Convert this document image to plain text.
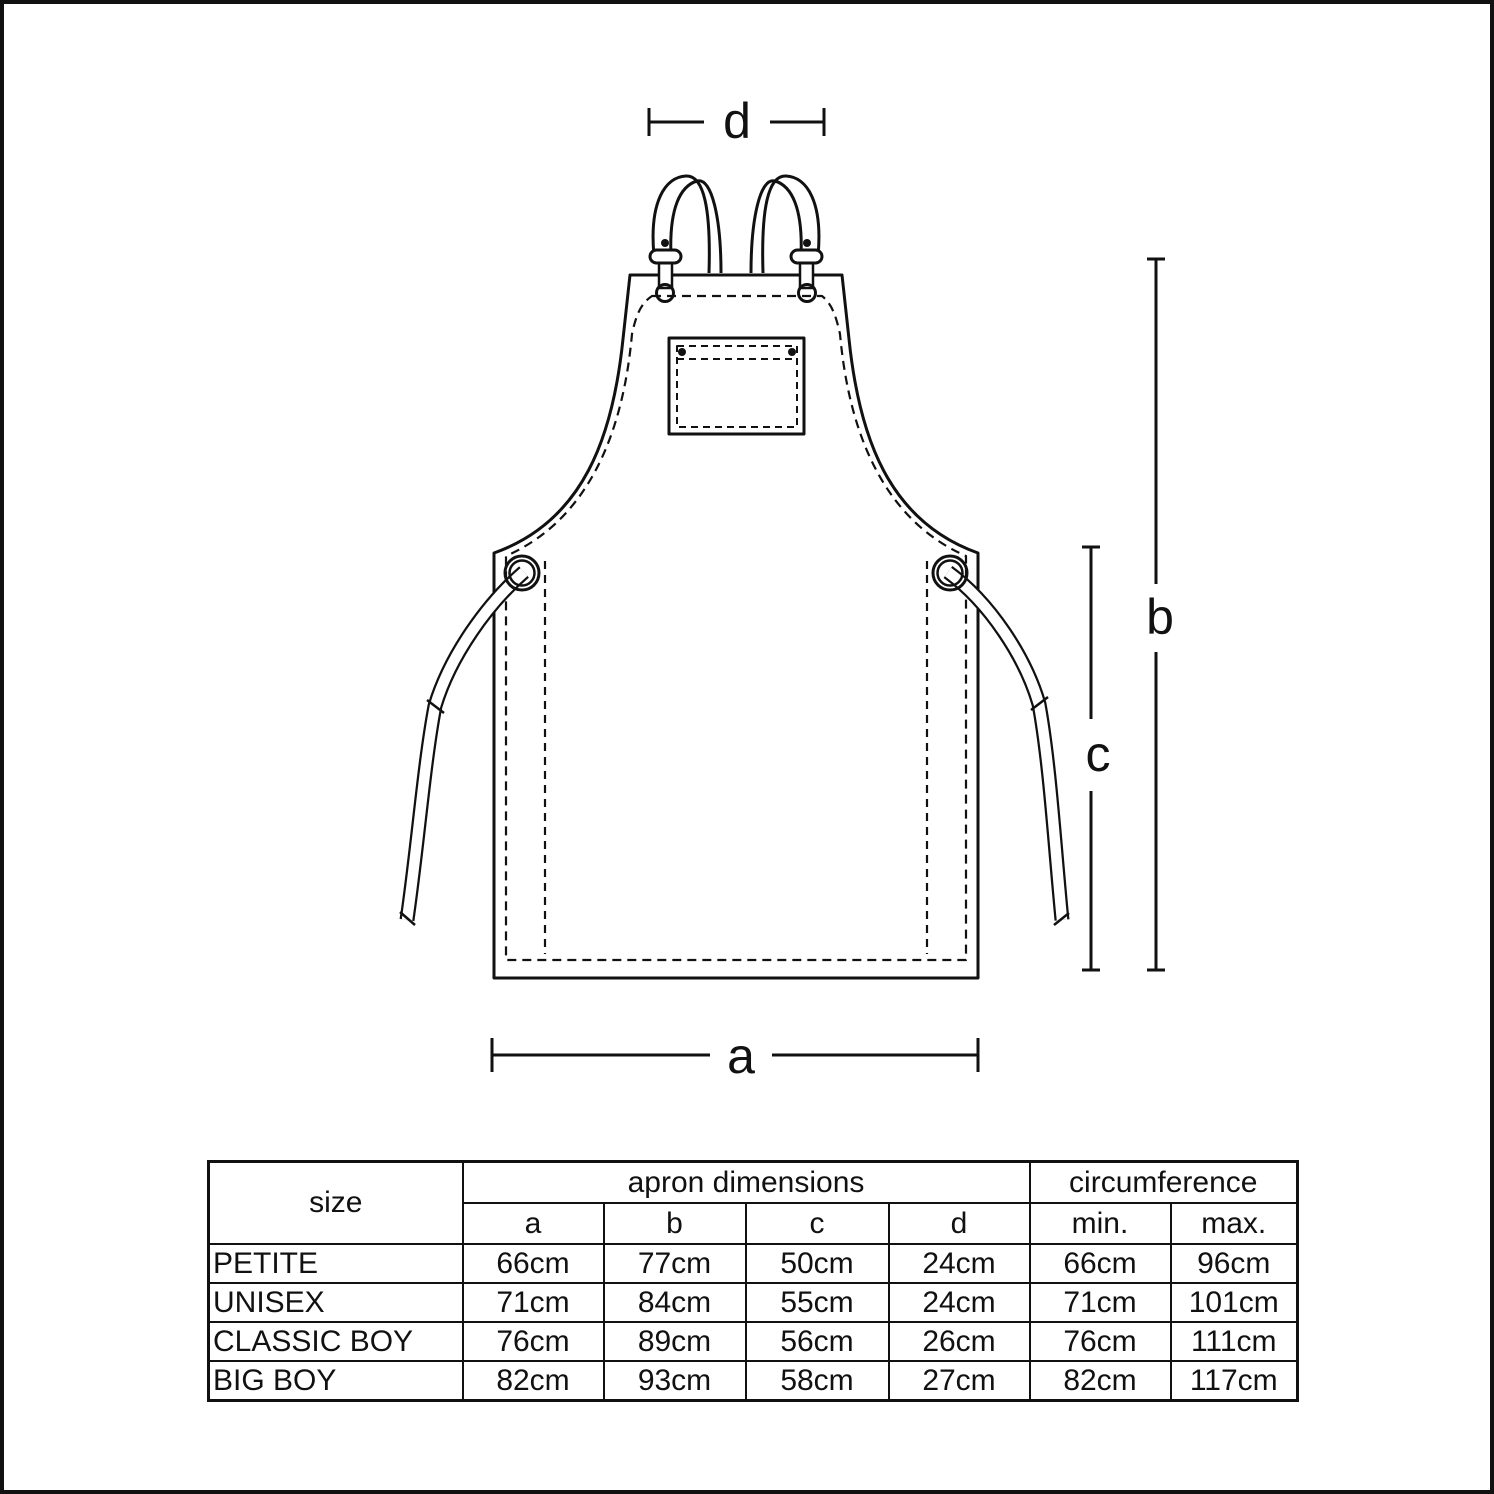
d
a
b
c
size	apron dimensions				circumference	
	a	b	c	d	min.	max.
PETITE	66cm	77cm	50cm	24cm	66cm	96cm
UNISEX	71cm	84cm	55cm	24cm	71cm	101cm
CLASSIC BOY	76cm	89cm	56cm	26cm	76cm	111cm
BIG BOY	82cm	93cm	58cm	27cm	82cm	117cm
